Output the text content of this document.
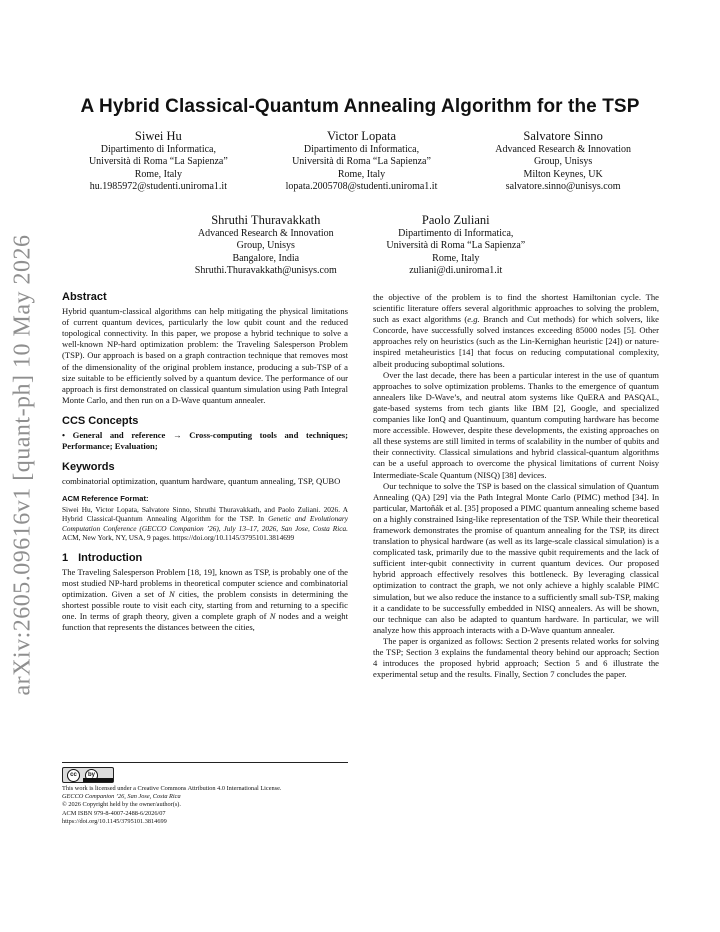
arXiv:2605.09616v1 [quant-ph] 10 May 2026
A Hybrid Classical-Quantum Annealing Algorithm for the TSP
Siwei Hu
Dipartimento di Informatica,
Università di Roma “La Sapienza”
Rome, Italy
hu.1985972@studenti.uniroma1.it
Victor Lopata
Dipartimento di Informatica,
Università di Roma “La Sapienza”
Rome, Italy
lopata.2005708@studenti.uniroma1.it
Salvatore Sinno
Advanced Research & Innovation
Group, Unisys
Milton Keynes, UK
salvatore.sinno@unisys.com
Shruthi Thuravakkath
Advanced Research & Innovation
Group, Unisys
Bangalore, India
Shruthi.Thuravakkath@unisys.com
Paolo Zuliani
Dipartimento di Informatica,
Università di Roma “La Sapienza”
Rome, Italy
zuliani@di.uniroma1.it
Abstract

Hybrid quantum-classical algorithms can help mitigating the physical limitations of current quantum devices, particularly the low qubit count and the reduced topological connectivity. In this paper, we propose a hybrid technique to solve a well-known NP-hard optimization problem: the Traveling Salesperson Problem (TSP). Our approach is based on a graph contraction technique that removes most of the dimensionality of the original problem instance, producing a sub-TSP of a size suitable to be efficiently solved by a quantum device. The performance of our approach is first demonstrated on classical quantum simulation using Path Integral Monte Carlo, and then run on a D-Wave quantum annealer.

CCS Concepts

• General and reference → Cross-computing tools and techniques; Performance; Evaluation;

Keywords

combinatorial optimization, quantum hardware, quantum annealing, TSP, QUBO

ACM Reference Format:

Siwei Hu, Victor Lopata, Salvatore Sinno, Shruthi Thuravakkath, and Paolo Zuliani. 2026. A Hybrid Classical-Quantum Annealing Algorithm for the TSP. In Genetic and Evolutionary Computation Conference (GECCO Companion ’26), July 13–17, 2026, San Jose, Costa Rica. ACM, New York, NY, USA, 9 pages. https://doi.org/10.1145/3795101.3814699

1 Introduction

The Traveling Salesperson Problem [18, 19], known as TSP, is probably one of the most studied NP-hard problems in theoretical computer science and combinatorial optimization. Given a set of N cities, the problem consists in determining the shortest possible route to visit each city, starting from and returning to a specific one. In terms of graph theory, given a complete graph of N nodes and a weight function that represents the distances between the cities,

cc	by
This work is licensed under a Creative Commons Attribution 4.0 International License.
GECCO Companion ’26, San Jose, Costa Rica
© 2026 Copyright held by the owner/author(s).
ACM ISBN 979-8-4007-2488-6/2026/07
https://doi.org/10.1145/3795101.3814699

the objective of the problem is to find the shortest Hamiltonian cycle. The scientific literature offers several algorithmic approaches to solving the problem, such as exact algorithms (e.g. Branch and Cut methods) for which solvers, like Concorde, have successfully solved instances exceeding 85000 nodes [5]. Other approaches rely on heuristics (such as the Lin-Kernighan heuristic [24]) or nature-inspired metaheuristics [14] that focus on reducing computational complexity, albeit producing suboptimal solutions.

Over the last decade, there has been a particular interest in the use of quantum approaches to solve optimization problems. Thanks to the emergence of quantum annealers like D-Wave’s, and neutral atom systems like QuERA and PASQAL, gate-based systems from tech giants like IBM [2], Google, and specialized companies like IonQ and Quantinuum, quantum computing hardware has become more accessible. However, despite these developments, the existing approaches on all these systems are still limited in terms of scalability in the number of qubits and their connectivity. Classical simulations and hybrid classical-quantum algorithms can be a useful approach to overcome the physical limitations of current Noisy Intermediate-Scale Quantum (NISQ) [38] devices.

Our technique to solve the TSP is based on the classical simulation of Quantum Annealing (QA) [29] via the Path Integral Monte Carlo (PIMC) method [34]. In particular, Martoňák et al. [35] proposed a PIMC quantum annealing scheme based on a highly constrained Ising-like representation of the TSP. While their theoretical framework demonstrates the promise of quantum annealing for the TSP, its direct translation to physical hardware (as well as its large-scale classical simulation) is a complicated task, primarily due to the massive qubit requirements and the lack of sufficient inter-qubit connectivity in current quantum devices. Our proposed hybrid approach effectively resolves this bottleneck. By leveraging classical optimization to contract the graph, we not only achieve a highly scalable PIMC simulation, but we also reduce the instance to a sufficiently small sub-TSP, making it a candidate to be successfully embedded in NISQ annealers. As will be shown, our technique can also be adapted to quantum hardware. In particular, we will analyze how this approach interacts with a D-Wave quantum annealer.

The paper is organized as follows: Section 2 presents related works for solving the TSP; Section 3 explains the fundamental theory behind our approach; Section 4 introduces the proposed hybrid approach; Section 5 and 6 illustrate the experimental setup and the results. Finally, Section 7 concludes the paper.
